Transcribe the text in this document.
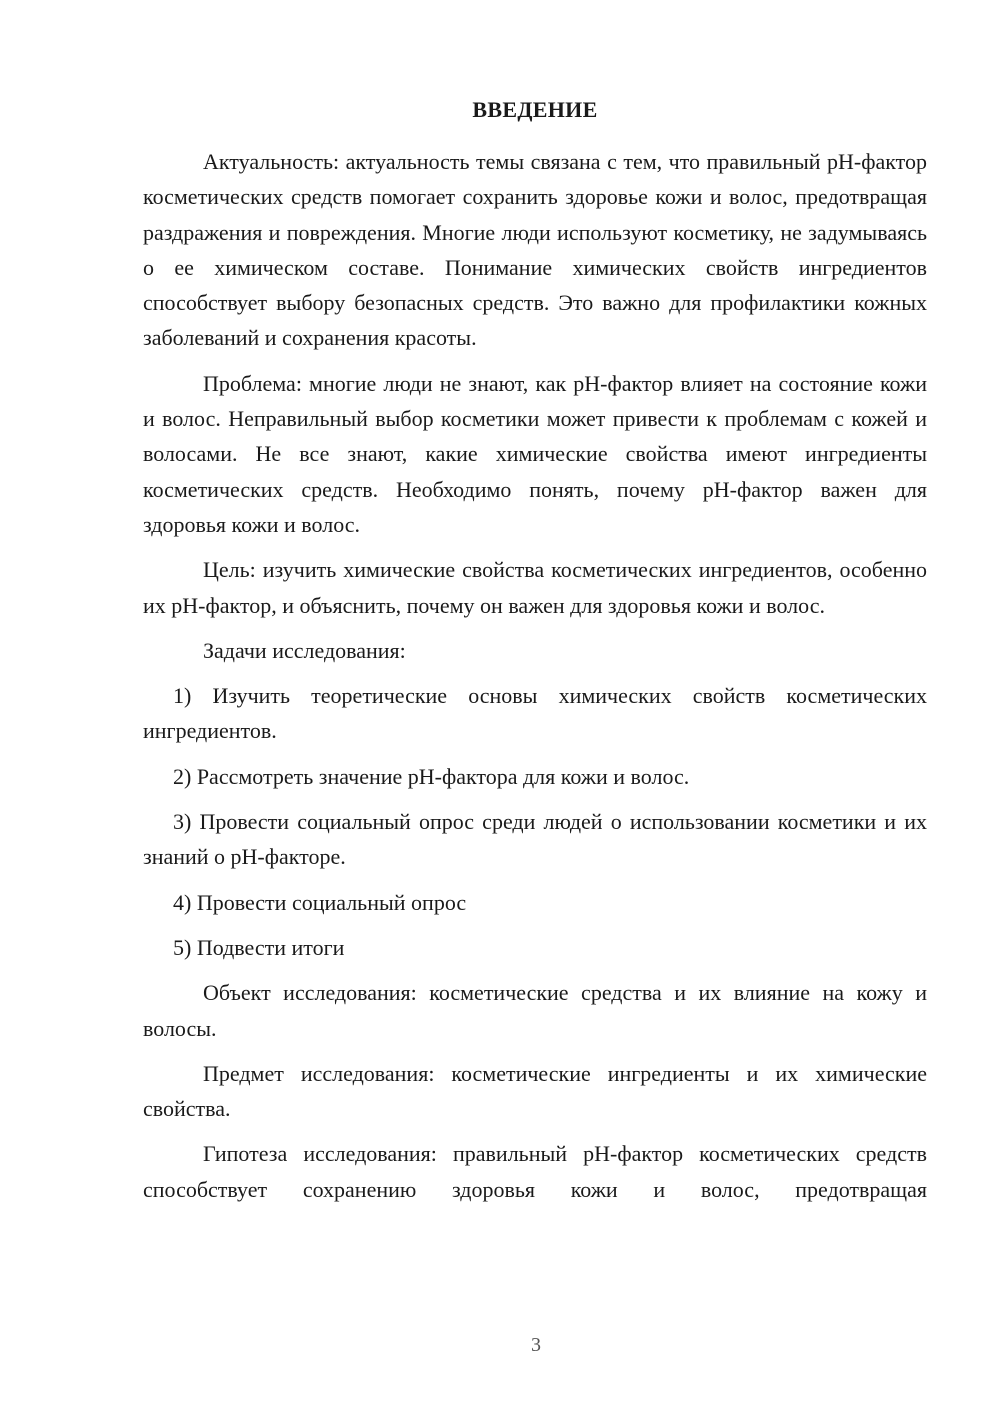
ВВЕДЕНИЕ

Актуальность: актуальность темы связана с тем, что правильный pH-фактор косметических средств помогает сохранить здоровье кожи и волос, предотвращая раздражения и повреждения. Многие люди используют косметику, не задумываясь о ее химическом составе. Понимание химических свойств ингредиентов способствует выбору безопасных средств. Это важно для профилактики кожных заболеваний и сохранения красоты.

Проблема: многие люди не знают, как pH-фактор влияет на состояние кожи и волос. Неправильный выбор косметики может привести к проблемам с кожей и волосами. Не все знают, какие химические свойства имеют ингредиенты косметических средств. Необходимо понять, почему pH-фактор важен для здоровья кожи и волос.

Цель: изучить химические свойства косметических ингредиентов, особенно их pH-фактор, и объяснить, почему он важен для здоровья кожи и волос.

Задачи исследования:

1) Изучить теоретические основы химических свойств косметических ингредиентов.

2) Рассмотреть значение pH-фактора для кожи и волос.

3) Провести социальный опрос среди людей о использовании косметики и их знаний о pH-факторе.

4) Провести социальный опрос

5) Подвести итоги

Объект исследования: косметические средства и их влияние на кожу и волосы.

Предмет исследования: косметические ингредиенты и их химические свойства.

Гипотеза исследования: правильный pH-фактор косметических средств способствует сохранению здоровья кожи и волос, предотвращая

3
